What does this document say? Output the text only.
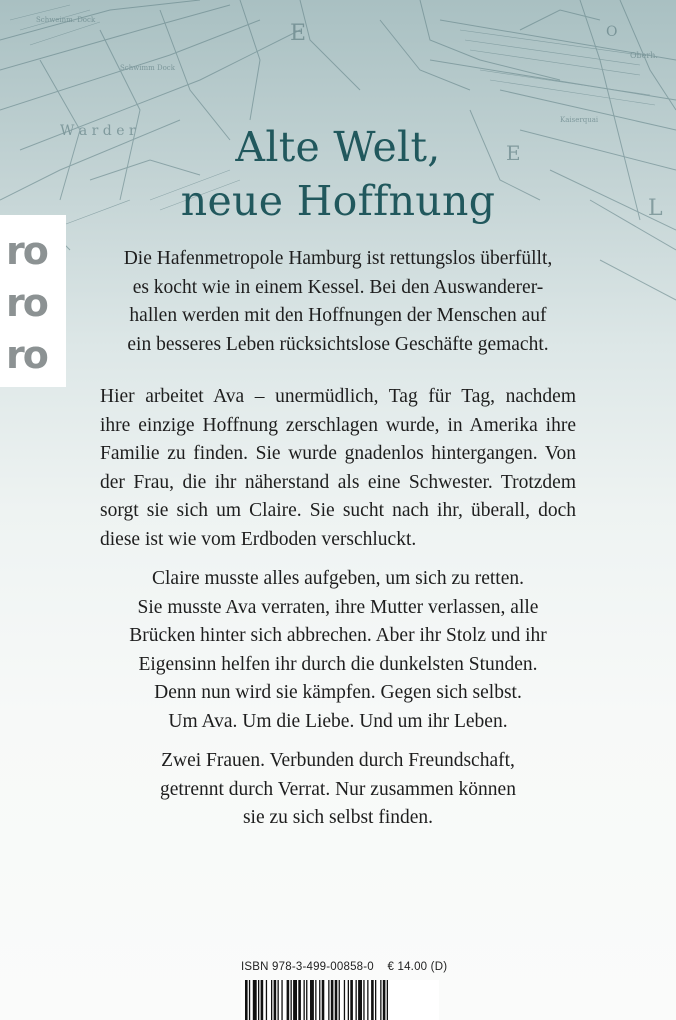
Schweinm. Dock
Schwimm Dock
W a r d e r
E
E
L
O
Oberh.
Kaiserquai
Alte Welt,
neue Hoffnung
ro
ro
ro
Die Hafenmetropole Hamburg ist rettungslos überfüllt,
es kocht wie in einem Kessel. Bei den Auswanderer-
hallen werden mit den Hoffnungen der Menschen auf
ein besseres Leben rücksichtslose Geschäfte gemacht.
Hier arbeitet Ava – unermüdlich, Tag für Tag, nachdem
ihre einzige Hoffnung zerschlagen wurde, in Amerika ihre
Familie zu finden. Sie wurde gnadenlos hintergangen. Von
der Frau, die ihr näherstand als eine Schwester. Trotzdem
sorgt sie sich um Claire. Sie sucht nach ihr, überall, doch
diese ist wie vom Erdboden verschluckt.
Claire musste alles aufgeben, um sich zu retten.
Sie musste Ava verraten, ihre Mutter verlassen, alle
Brücken hinter sich abbrechen. Aber ihr Stolz und ihr
Eigensinn helfen ihr durch die dunkelsten Stunden.
Denn nun wird sie kämpfen. Gegen sich selbst.
Um Ava. Um die Liebe. Und um ihr Leben.
Zwei Frauen. Verbunden durch Freundschaft,
getrennt durch Verrat. Nur zusammen können
sie zu sich selbst finden.
ISBN 978-3-499-00858-0 € 14.00 (D)
